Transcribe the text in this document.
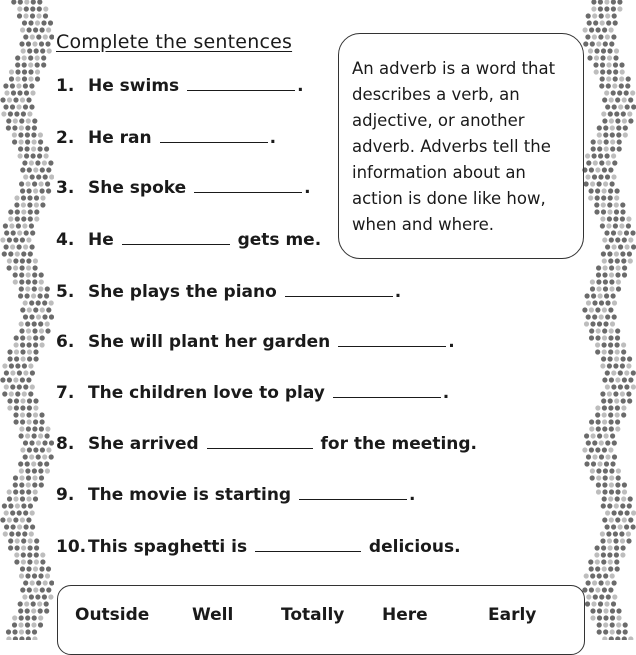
Complete the sentences
An adverb is a word that describes a verb, an adjective, or another adverb. Adverbs tell the information about an action is done like how, when and where.
1. He swims	.
2. He ran	.
3. She spoke	.
4. He	gets me.
5. She plays the piano	.
6. She will plant her garden	.
7. The children love to play	.
8. She arrived	for the meeting.
9. The movie is starting	.
10. This spaghetti is	delicious.
Outside	Well	Totally Here	Early
